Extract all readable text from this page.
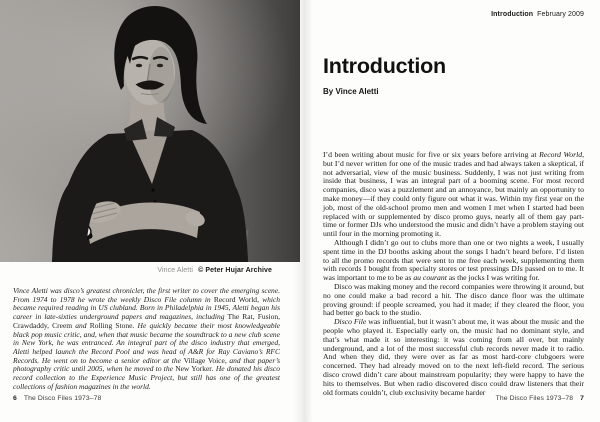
Vince Aletti © Peter Hujar Archive
Vince Aletti was disco’s greatest chronicler, the first writer to cover the emerging scene. From 1974 to 1978 he wrote the weekly Disco File column in Record World, which became required reading in US clubland. Born in Philadelphia in 1945, Aletti began his career in late-sixties underground papers and magazines, including The Rat, Fusion, Crawdaddy, Creem and Rolling Stone. He quickly became their most knowledgeable black pop music critic, and, when that music became the soundtrack to a new club scene in New York, he was entranced. An integral part of the disco industry that emerged, Aletti helped launch the Record Pool and was head of A&R for Ray Caviano’s RFC Records. He went on to become a senior editor at the Village Voice, and that paper’s photography critic until 2005, when he moved to the New Yorker. He donated his disco record collection to the Experience Music Project, but still has one of the greatest collections of fashion magazines in the world.
6 The Disco Files 1973–78
Introduction February 2009
Introduction
By Vince Aletti

I’d been writing about music for five or six years before arriving at Record World, but I’d never written for one of the music trades and had always taken a skeptical, if not adversarial, view of the music business. Suddenly, I was not just writing from inside that business, I was an integral part of a booming scene. For most record companies, disco was a puzzlement and an annoyance, but mainly an opportunity to make money—if they could only figure out what it was. Within my first year on the job, most of the old-school promo men and women I met when I started had been replaced with or supplemented by disco promo guys, nearly all of them gay part-time or former DJs who understood the music and didn’t have a problem staying out until four in the morning promoting it.

Although I didn’t go out to clubs more than one or two nights a week, I usually spent time in the DJ booths asking about the songs I hadn’t heard before. I’d listen to all the promo records that were sent to me free each week, supplementing them with records I bought from specialty stores or test pressings DJs passed on to me. It was important to me to be as au courant as the jocks I was writing for.

Disco was making money and the record companies were throwing it around, but no one could make a bad record a hit. The disco dance floor was the ultimate proving ground: if people screamed, you had it made; if they cleared the floor, you had better go back to the studio.

Disco File was influential, but it wasn’t about me, it was about the music and the people who played it. Especially early on, the music had no dominant style, and that’s what made it so interesting: it was coming from all over, but mainly underground, and a lot of the most successful club records never made it to radio. And when they did, they were over as far as most hard-core clubgoers were concerned. They had already moved on to the next left-field record. The serious disco crowd didn’t care about mainstream popularity; they were happy to have the hits to themselves. But when radio discovered disco could draw listeners that their old formats couldn’t, club exclusivity became harder

The Disco Files 1973–78 7
